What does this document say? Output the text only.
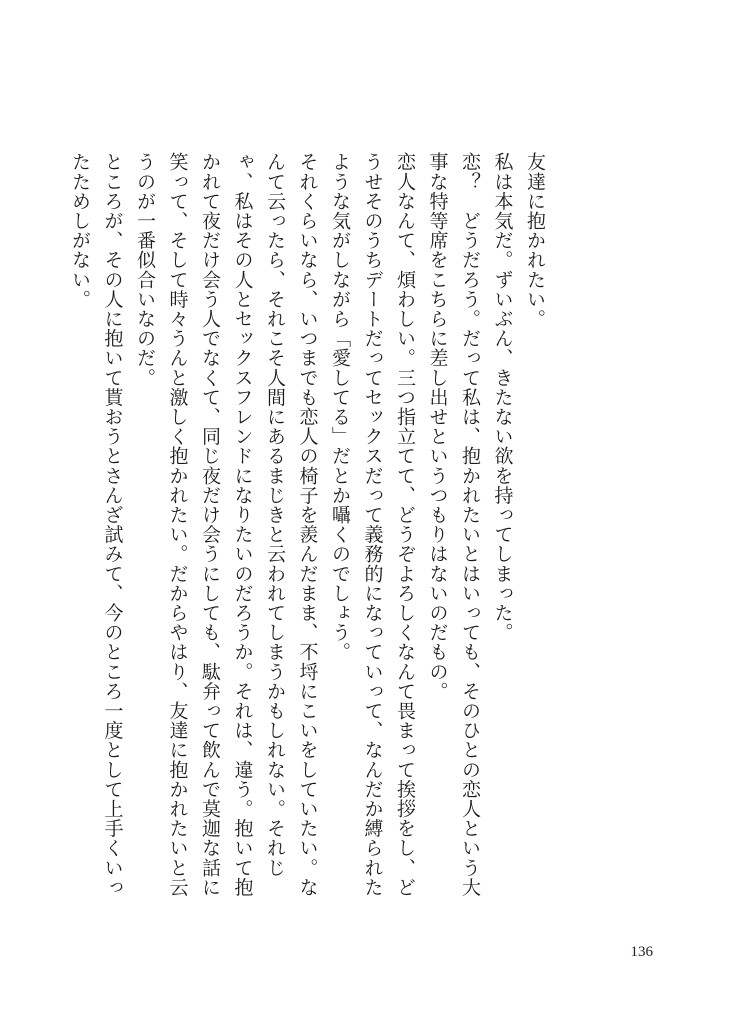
友達に抱かれたい。

私は本気だ。ずいぶん、きたない欲を持ってしまった。

恋？　どうだろう。だって私は、抱かれたいとはいっても、そのひとの恋人という大事な特等席をこちらに差し出せというつもりはないのだもの。

恋人なんて、煩わしい。三つ指立てて、どうぞよろしくなんて畏まって挨拶をし、どうせそのうちデートだってセックスだって義務的になっていって、なんだか縛られたような気がしながら「愛してる」だとか囁くのでしょう。

それくらいなら、いつまでも恋人の椅子を羨んだまま、不埒にこいをしていたい。なんて云ったら、それこそ人間にあるまじきと云われてしまうかもしれない。それじゃ、私はその人とセックスフレンドになりたいのだろうか。それは、違う。抱いて抱かれて夜だけ会う人でなくて、同じ夜だけ会うにしても、駄弁って飲んで莫迦な話に笑って、そして時々うんと激しく抱かれたい。だからやはり、友達に抱かれたいと云うのが一番似合いなのだ。

ところが、その人に抱いて貰おうとさんざ試みて、今のところ一度として上手くいったためしがない。

136
